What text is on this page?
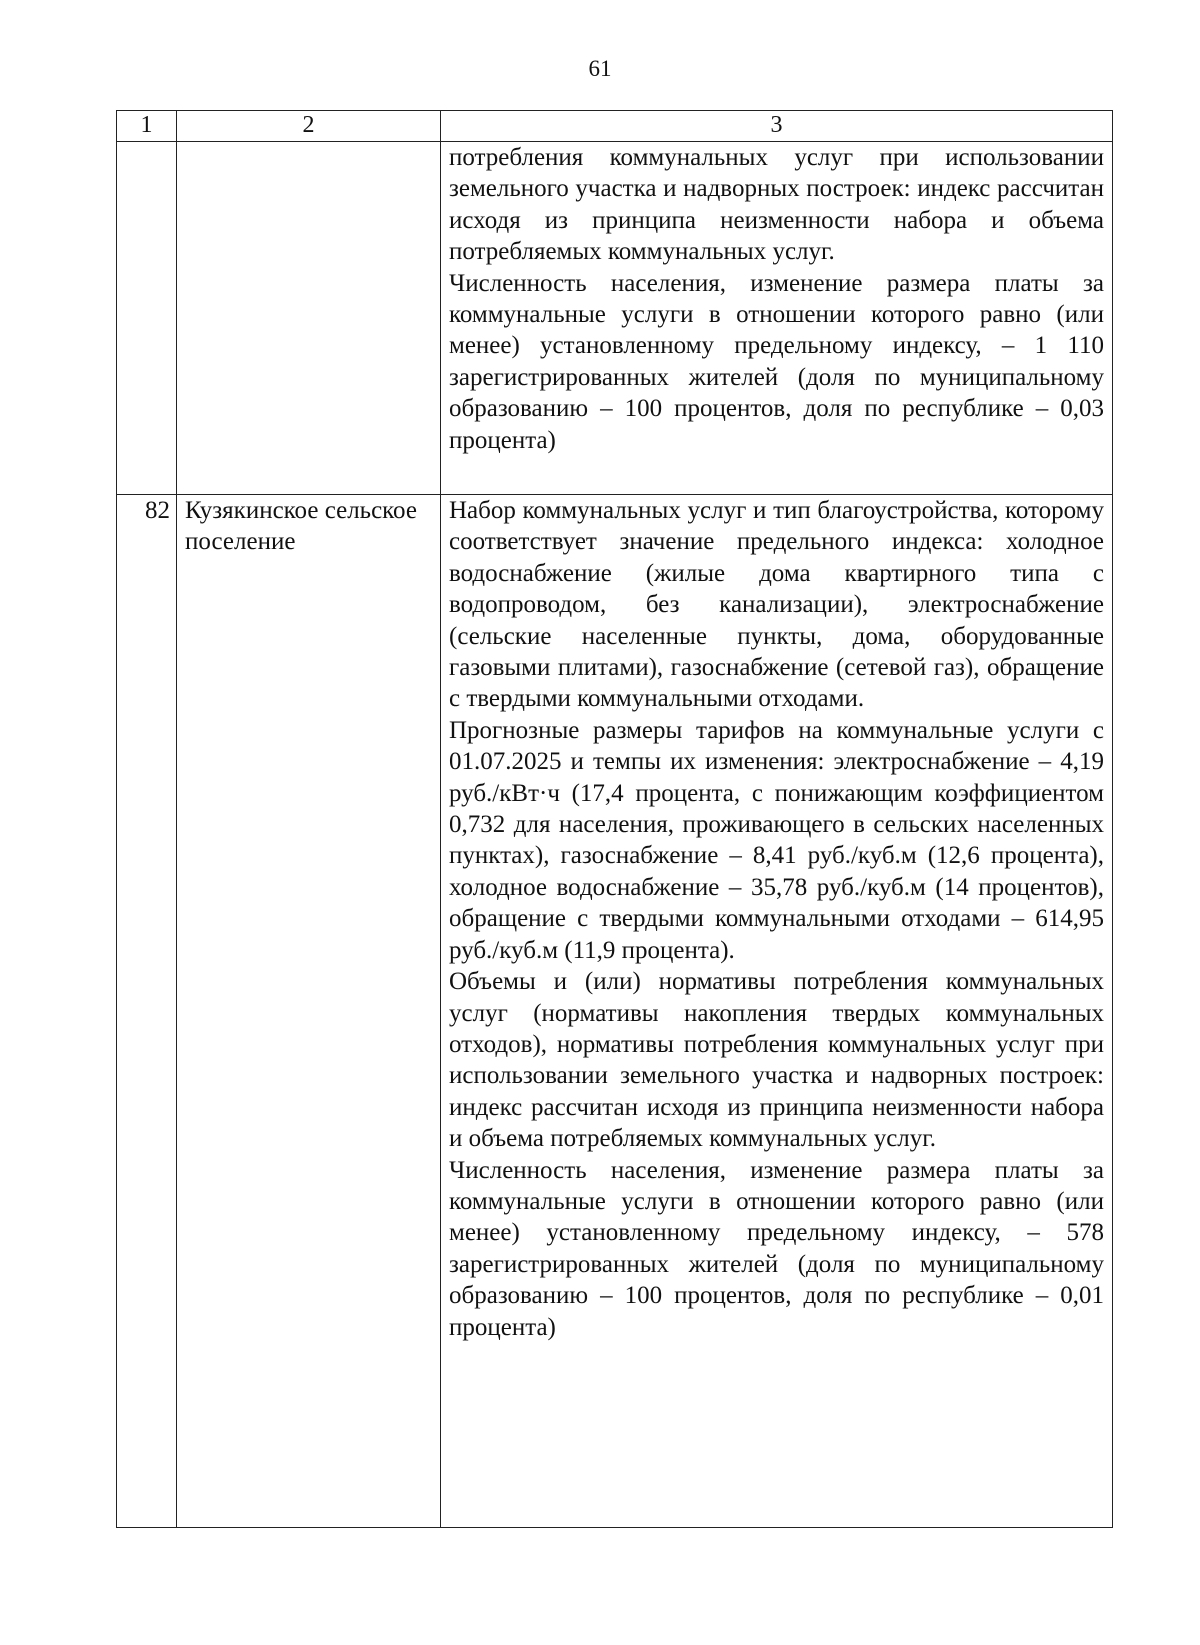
61
1	2	3

		потребления коммунальных услуг при использовании земельного участка и надворных построек: индекс рассчитан исходя из принципа неизменности набора и объема потребляемых коммунальных услуг.

Численность населения, изменение размера платы за коммунальные услуги в отношении которого равно (или менее) установленному предельному индексу, – 1 110 зарегистрированных жителей (доля по муниципальному образованию – 100 процентов, доля по республике – 0,03 процента)

82	Кузякинское сельское поселение	Набор коммунальных услуг и тип благоустройства, которому соответствует значение предельного индекса: холодное водоснабжение (жилые дома квартирного типа с водопроводом, без канализации), электроснабжение (сельские населенные пункты, дома, оборудованные газовыми плитами), газоснабжение (сетевой газ), обращение с твердыми коммунальными отходами.

Прогнозные размеры тарифов на коммунальные услуги с 01.07.2025 и темпы их изменения: электроснабжение – 4,19 руб./кВт·ч (17,4 процента, с понижающим коэффициентом 0,732 для населения, проживающего в сельских населенных пунктах), газоснабжение – 8,41 руб./куб.м (12,6 процента), холодное водоснабжение – 35,78 руб./куб.м (14 процентов), обращение с твердыми коммунальными отходами – 614,95 руб./куб.м (11,9 процента).

Объемы и (или) нормативы потребления коммунальных услуг (нормативы накопления твердых коммунальных отходов), нормативы потребления коммунальных услуг при использовании земельного участка и надворных построек: индекс рассчитан исходя из принципа неизменности набора и объема потребляемых коммунальных услуг.

Численность населения, изменение размера платы за коммунальные услуги в отношении которого равно (или менее) установленному предельному индексу, – 578 зарегистрированных жителей (доля по муниципальному образованию – 100 процентов, доля по республике – 0,01 процента)
